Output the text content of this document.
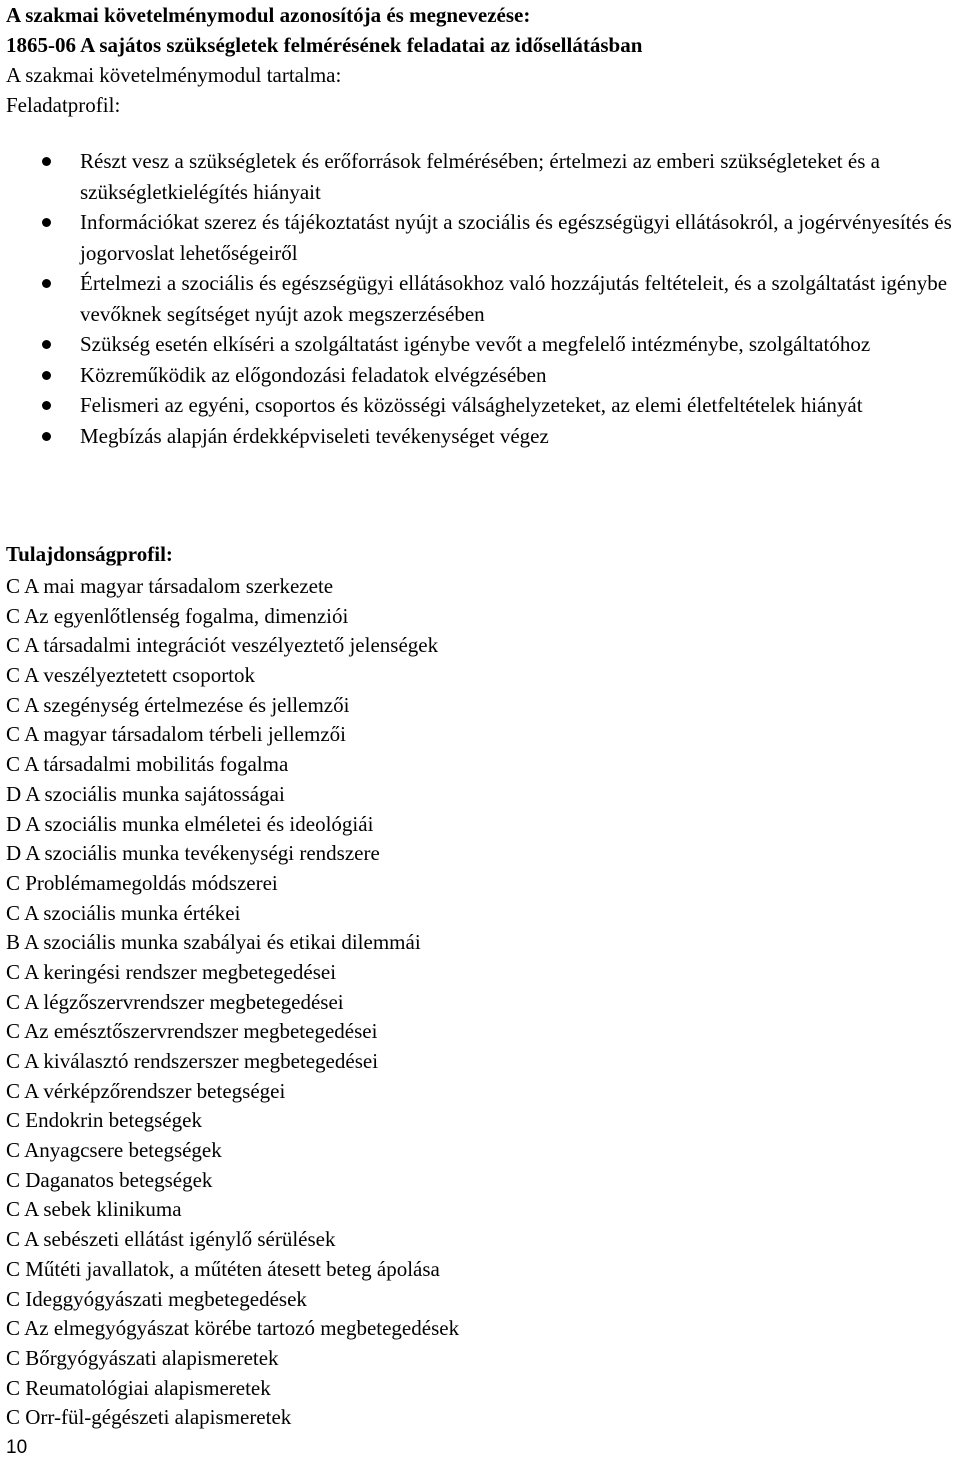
A szakmai követelménymodul azonosítója és megnevezése:
1865-06 A sajátos szükségletek felmérésének feladatai az idősellátásban
A szakmai követelménymodul tartalma:
Feladatprofil:
Részt vesz a szükségletek és erőforrások felmérésében; értelmezi az emberi szükségleteket és a szükségletkielégítés hiányait
Információkat szerez és tájékoztatást nyújt a szociális és egészségügyi ellátásokról, a jogérvényesítés és jogorvoslat lehetőségeiről
Értelmezi a szociális és egészségügyi ellátásokhoz való hozzájutás feltételeit, és a szolgáltatást igénybe vevőknek segítséget nyújt azok megszerzésében
Szükség esetén elkíséri a szolgáltatást igénybe vevőt a megfelelő intézménybe, szolgáltatóhoz
Közreműködik az előgondozási feladatok elvégzésében
Felismeri az egyéni, csoportos és közösségi válsághelyzeteket, az elemi életfeltételek hiányát
Megbízás alapján érdekképviseleti tevékenységet végez
Tulajdonságprofil:
C A mai magyar társadalom szerkezete
C Az egyenlőtlenség fogalma, dimenziói
C A társadalmi integrációt veszélyeztető jelenségek
C A veszélyeztetett csoportok
C A szegénység értelmezése és jellemzői
C A magyar társadalom térbeli jellemzői
C A társadalmi mobilitás fogalma
D A szociális munka sajátosságai
D A szociális munka elméletei és ideológiái
D A szociális munka tevékenységi rendszere
C Problémamegoldás módszerei
C A szociális munka értékei
B A szociális munka szabályai és etikai dilemmái
C A keringési rendszer megbetegedései
C A légzőszervrendszer megbetegedései
C Az emésztőszervrendszer megbetegedései
C A kiválasztó rendszerszer megbetegedései
C A vérképzőrendszer betegségei
C Endokrin betegségek
C Anyagcsere betegségek
C Daganatos betegségek
C A sebek klinikuma
C A sebészeti ellátást igénylő sérülések
C Műtéti javallatok, a műtéten átesett beteg ápolása
C Ideggyógyászati megbetegedések
C Az elmegyógyászat körébe tartozó megbetegedések
C Bőrgyógyászati alapismeretek
C Reumatológiai alapismeretek
C Orr-fül-gégészeti alapismeretek
10
